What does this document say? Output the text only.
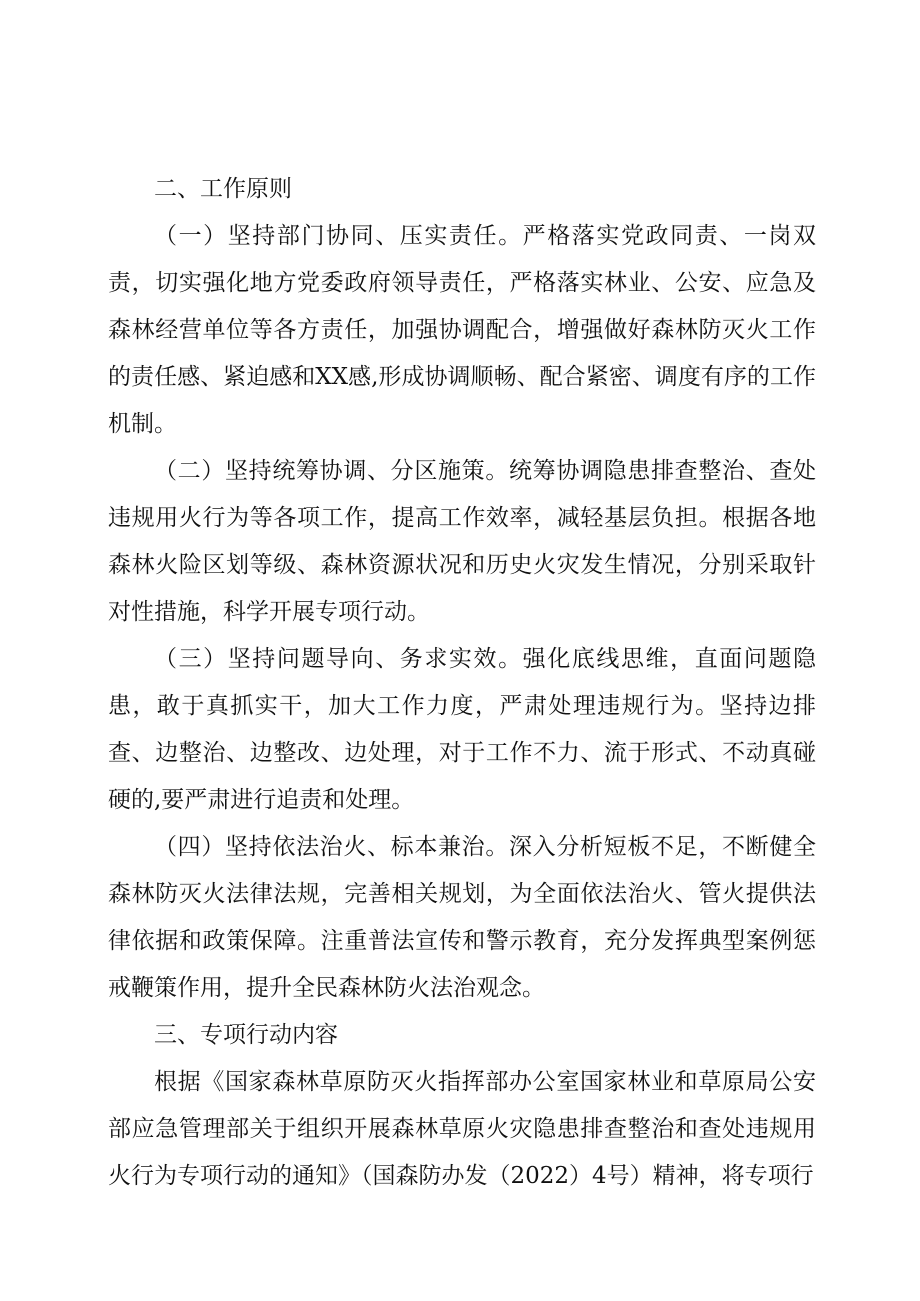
二、工作原则

（一）坚持部门协同、压实责任。严格落实党政同责、一岗双责，切实强化地方党委政府领导责任，严格落实林业、公安、应急及森林经营单位等各方责任，加强协调配合，增强做好森林防灭火工作的责任感、紧迫感和XX感,形成协调顺畅、配合紧密、调度有序的工作机制。

（二）坚持统筹协调、分区施策。统筹协调隐患排查整治、查处违规用火行为等各项工作，提高工作效率，减轻基层负担。根据各地森林火险区划等级、森林资源状况和历史火灾发生情况，分别采取针对性措施，科学开展专项行动。

（三）坚持问题导向、务求实效。强化底线思维，直面问题隐患，敢于真抓实干，加大工作力度，严肃处理违规行为。坚持边排查、边整治、边整改、边处理，对于工作不力、流于形式、不动真碰硬的,要严肃进行追责和处理。

（四）坚持依法治火、标本兼治。深入分析短板不足，不断健全森林防灭火法律法规，完善相关规划，为全面依法治火、管火提供法律依据和政策保障。注重普法宣传和警示教育，充分发挥典型案例惩戒鞭策作用，提升全民森林防火法治观念。

三、专项行动内容

根据《国家森林草原防灭火指挥部办公室国家林业和草原局公安部应急管理部关于组织开展森林草原火灾隐患排查整治和查处违规用火行为专项行动的通知》（国森防办发（2022）4号）精神，将专项行
